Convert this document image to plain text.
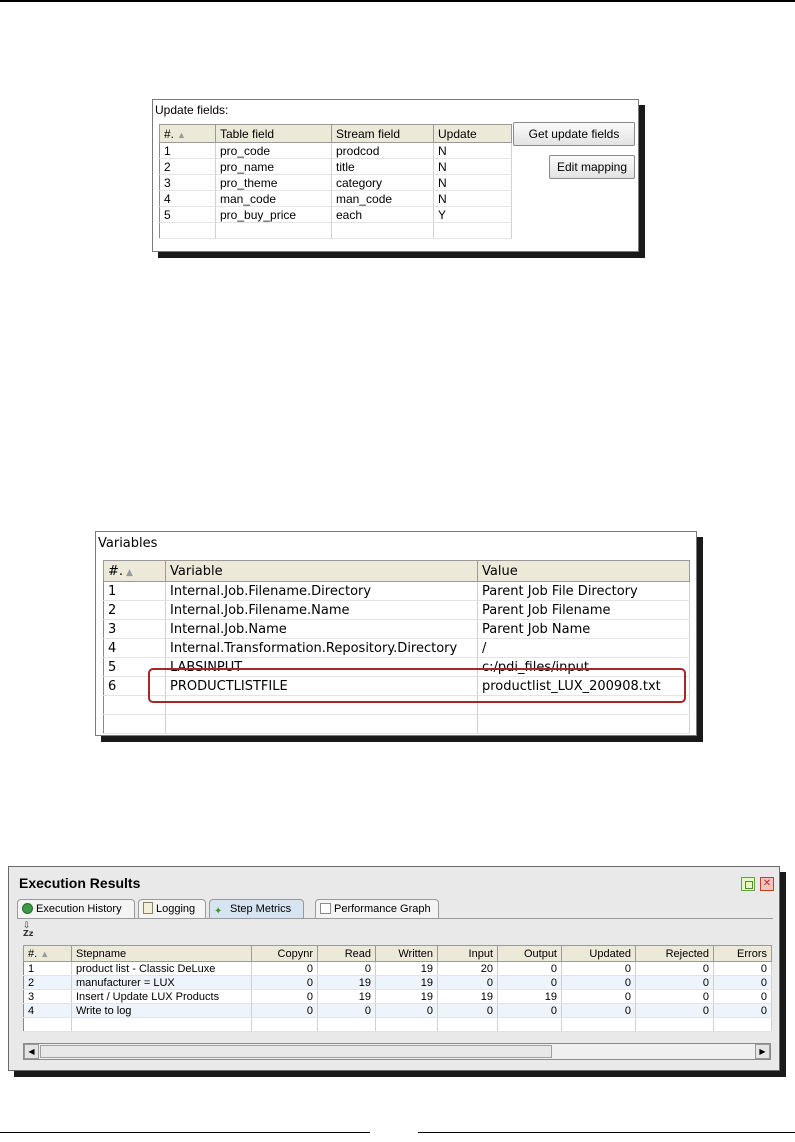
Update fields:
#. ▲	Table field	Stream field	Update
1	pro_code	prodcod	N
2	pro_name	title	N
3	pro_theme	category	N
4	man_code	man_code	N
5	pro_buy_price	each	Y

Get update fields
Edit mapping
Variables
#. ▲	Variable	Value
1	Internal.Job.Filename.Directory	Parent Job File Directory
2	Internal.Job.Filename.Name	Parent Job Filename
3	Internal.Job.Name	Parent Job Name
4	Internal.Transformation.Repository.Directory	/
5	LABSINPUT	c:/pdi_files/input
6	PRODUCTLISTFILE	productlist_LUX_200908.txt

Execution Results	✕
Execution History	Logging	✦ Step Metrics	Performance Graph
⇩
Zz
#. ▲	Stepname	Copynr	Read	Written	Input	Output	Updated	Rejected	Errors
1	product list - Classic DeLuxe	0	0	19	20	0	0	0	0
2	manufacturer = LUX	0	19	19	0	0	0	0	0
3	Insert / Update LUX Products	0	19	19	19	19	0	0	0
4	Write to log	0	0	0	0	0	0	0	0

◀	▶
